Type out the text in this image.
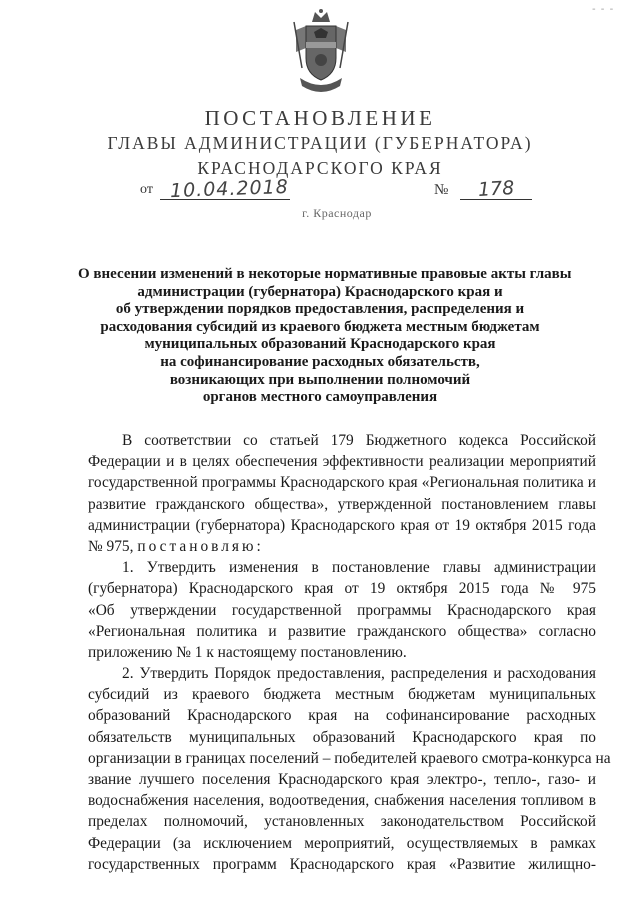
- - -
ПОСТАНОВЛЕНИЕ
ГЛАВЫ АДМИНИСТРАЦИИ (ГУБЕРНАТОРА)
КРАСНОДАРСКОГО КРАЯ
от 10.04.2018	№ 178
г. Краснодар

О внесении изменений в некоторые нормативные правовые акты главы
администрации (губернатора) Краснодарского края и
об утверждении порядков предоставления, распределения и
расходования субсидий из краевого бюджета местным бюджетам
муниципальных образований Краснодарского края
на софинансирование расходных обязательств,
возникающих при выполнении полномочий
органов местного самоуправления

В соответствии со статьей 179 Бюджетного кодекса Российской
Федерации и в целях обеспечения эффективности реализации мероприятий
государственной программы Краснодарского края «Региональная политика и
развитие гражданского общества», утвержденной постановлением главы
администрации (губернатора) Краснодарского края от 19 октября 2015 года
№ 975, постановляю:
1. Утвердить изменения в постановление главы администрации
(губернатора) Краснодарского края от 19 октября 2015 года № 975
«Об утверждении государственной программы Краснодарского края
«Региональная политика и развитие гражданского общества» согласно
приложению № 1 к настоящему постановлению.
2. Утвердить Порядок предоставления, распределения и расходования
субсидий из краевого бюджета местным бюджетам муниципальных
образований Краснодарского края на софинансирование расходных
обязательств муниципальных образований Краснодарского края по
организации в границах поселений – победителей краевого смотра-конкурса на
звание лучшего поселения Краснодарского края электро-, тепло-, газо- и
водоснабжения населения, водоотведения, снабжения населения топливом в
пределах полномочий, установленных законодательством Российской
Федерации (за исключением мероприятий, осуществляемых в рамках
государственных программ Краснодарского края «Развитие жилищно-
